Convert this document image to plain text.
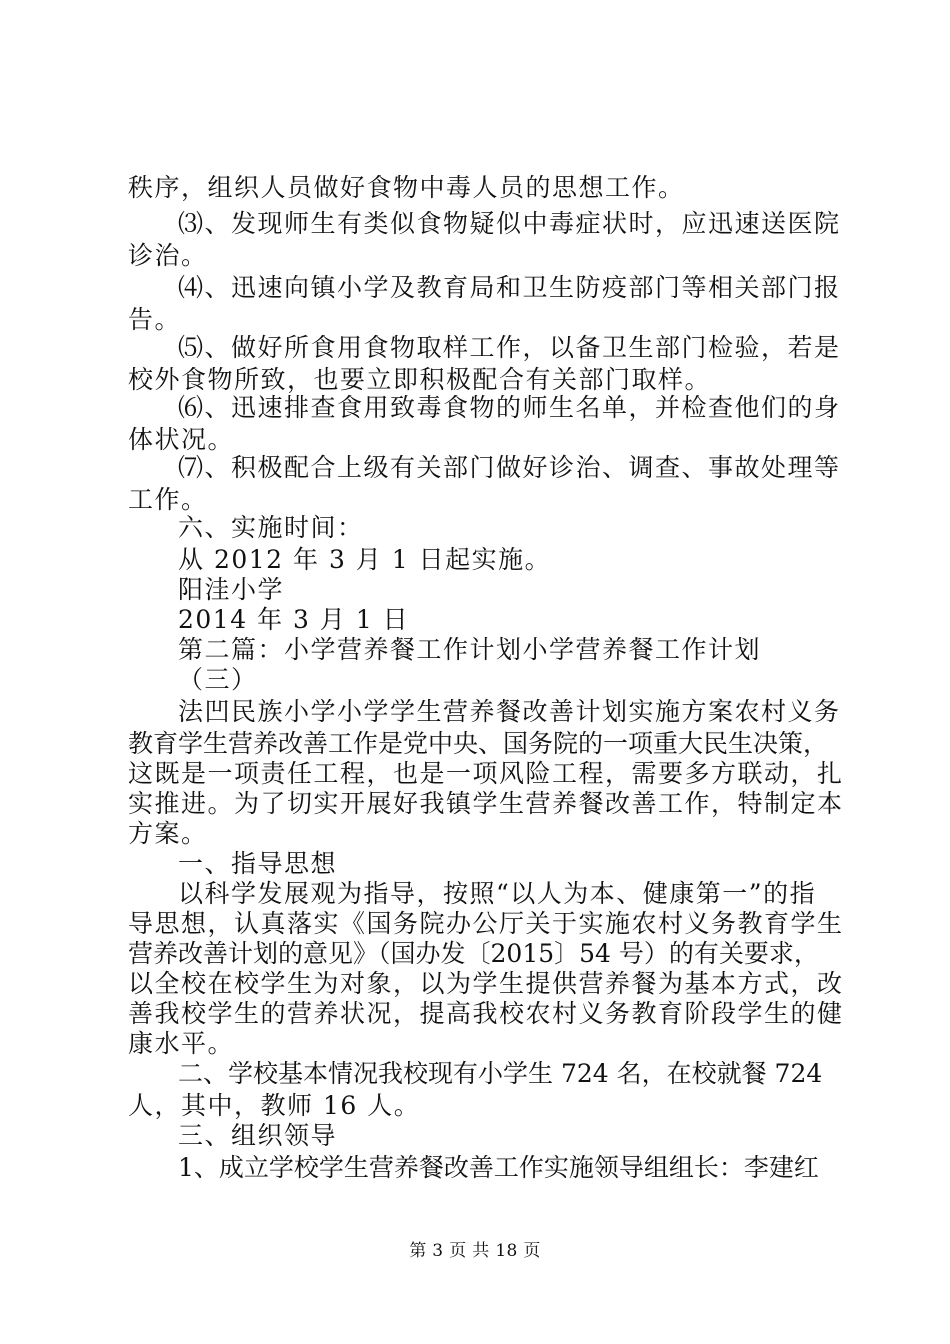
秩序，组织人员做好食物中毒人员的思想工作。
⑶、发现师生有类似食物疑似中毒症状时，应迅速送医院
诊治。
⑷、迅速向镇小学及教育局和卫生防疫部门等相关部门报
告。
⑸、做好所食用食物取样工作，以备卫生部门检验，若是
校外食物所致，也要立即积极配合有关部门取样。
⑹、迅速排查食用致毒食物的师生名单，并检查他们的身
体状况。
⑺、积极配合上级有关部门做好诊治、调查、事故处理等
工作。
六、实施时间：
从 2012 年 3 月 1 日起实施。
阳洼小学
2014 年 3 月 1 日
第二篇：小学营养餐工作计划小学营养餐工作计划
（三）
法凹民族小学小学学生营养餐改善计划实施方案农村义务
教育学生营养改善工作是党中央、国务院的一项重大民生决策，
这既是一项责任工程，也是一项风险工程，需要多方联动，扎
实推进。为了切实开展好我镇学生营养餐改善工作，特制定本
方案。
一、指导思想
以科学发展观为指导，按照“以人为本、健康第一”的指
导思想，认真落实《国务院办公厅关于实施农村义务教育学生
营养改善计划的意见》（国办发〔2015〕54 号）的有关要求，
以全校在校学生为对象，以为学生提供营养餐为基本方式，改
善我校学生的营养状况，提高我校农村义务教育阶段学生的健
康水平。
二、学校基本情况我校现有小学生 724 名，在校就餐 724
人，其中，教师 16 人。
三、组织领导
1、成立学校学生营养餐改善工作实施领导组组长：李建红
第 3 页 共 18 页
